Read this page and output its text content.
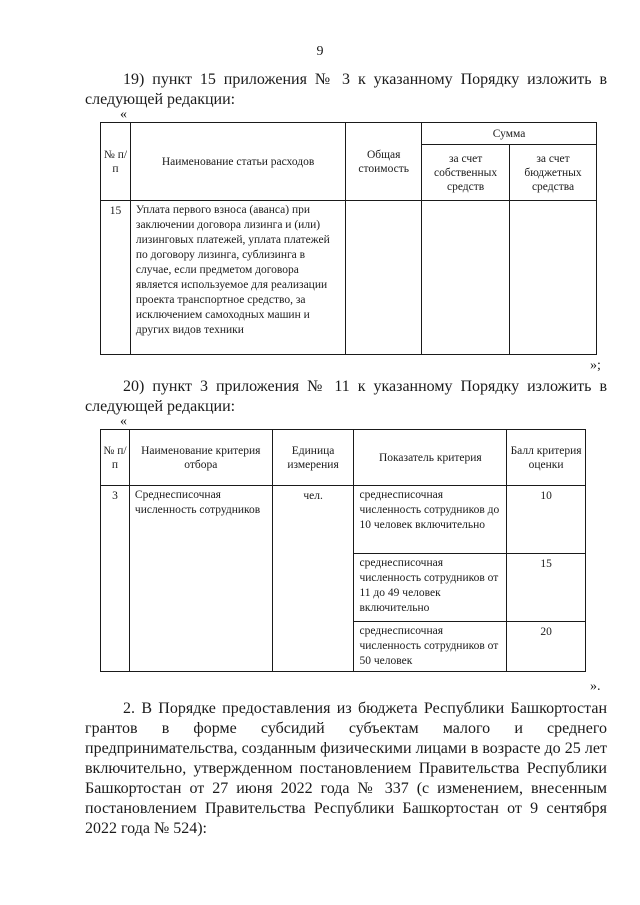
9
19) пункт 15 приложения № 3 к указанному Порядку изложить в следующей редакции:
«
№ п/п	Наименование статьи расходов	Общая стоимость	Сумма	
			за счет собственных средств	за счет бюджетных средства
15	Уплата первого взноса (аванса) при заключении договора лизинга и (или) лизинговых платежей, уплата платежей по договору лизинга, сублизинга в случае, если предметом договора является используемое для реализации проекта транспортное средство, за исключением самоходных машин и других видов техники			
»;
20) пункт 3 приложения № 11 к указанному Порядку изложить в следующей редакции:
«
№ п/п	Наименование критерия отбора	Единица измерения	Показатель критерия	Балл критерия оценки
3	Среднесписочная численность сотрудников	чел.	среднесписочная численность сотрудников до 10 человек включительно	10
			среднесписочная численность сотрудников от 11 до 49 человек включительно	15
			среднесписочная численность сотрудников от 50 человек	20
».
2. В Порядке предоставления из бюджета Республики Башкортостан грантов в форме субсидий субъектам малого и среднего предпринимательства, созданным физическими лицами в возрасте до 25 лет включительно, утвержденном постановлением Правительства Республики Башкортостан от 27 июня 2022 года № 337 (с изменением, внесенным постановлением Правительства Республики Башкортостан от 9 сентября 2022 года № 524):
